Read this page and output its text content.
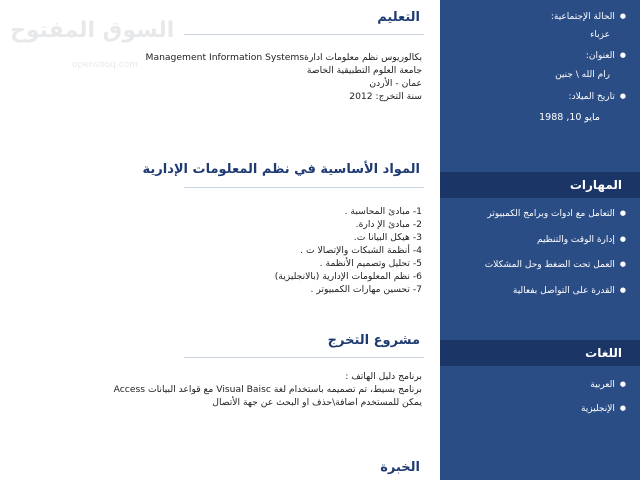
السوق المفتوح
opensooq.com
التعليم
بكالوريوس نظم معلومات ادارةManagement Information Systems
جامعة العلوم التطبيقية الخاصة
عمان - الأردن
سنة التخرج: 2012
المواد الأساسية في نظم المعلومات الإدارية
1- مبادئ المحاسبة .
2- مبادئ الإ دارة.
3- هيكل البيانا ت.
4- أنظمة الشبكات والإتصالا ت .
5- تحليل وتصميم الأنظمة .
6- نظم المعلومات الإدارية (بالانجليزية)
7- تحسين مهارات الكمبيوتر .
مشروع التخرج
برنامج دليل الهاتف :
برنامج بسيط، تم تصميمه باستخدام لغة Visual Baisc مع قواعد البيانات Access
يمكن للمستخدم اضافة\حذف او البحث عن جهة الأتصال
الخبرة
● الحالة الإجتماعية:
عزباء
● العنوان:
رام الله \ جنين
● تاريخ الميلاد:
مايو 10, 1988
المهارات
● التعامل مع ادوات وبرامج الكمبيوتر
● إدارة الوقت والتنظيم
● العمل تحت الضغط وحل المشكلات
● القدرة على التواصل بفعالية
اللغات
● العربية
● الإنجليزية
